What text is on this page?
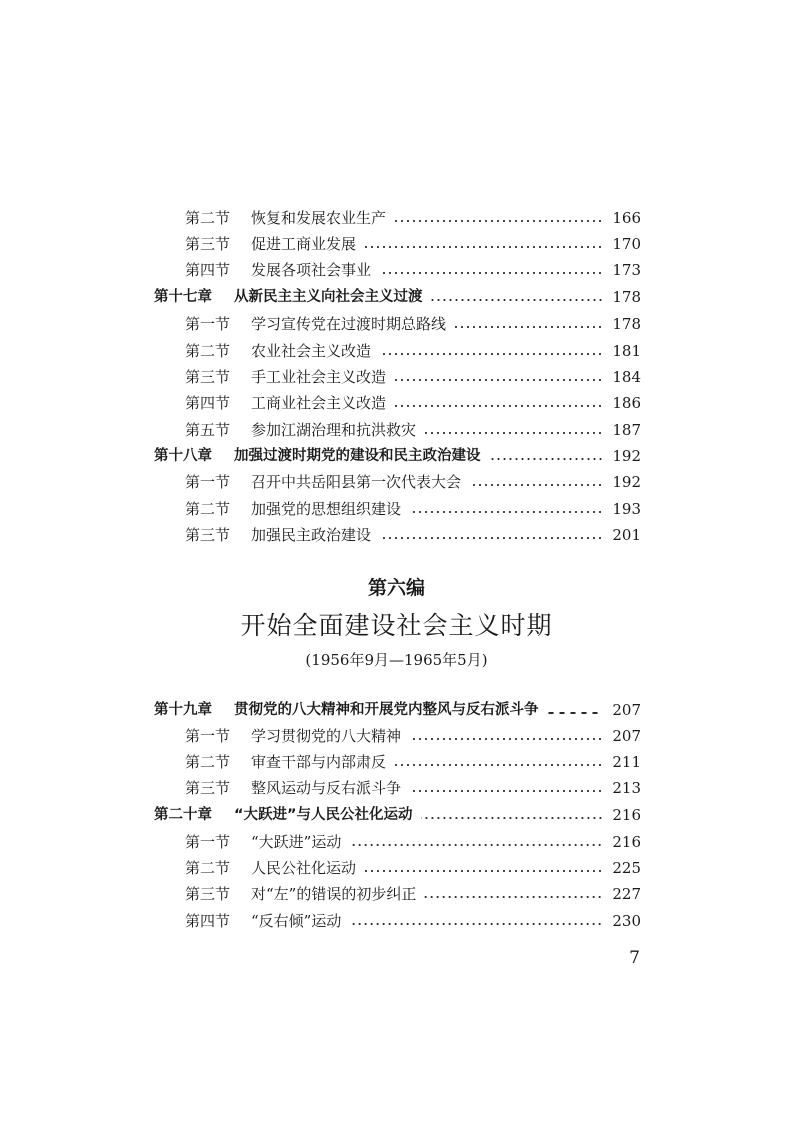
第二节	恢复和发展农业生产	166
第三节	促进工商业发展	170
第四节	发展各项社会事业	173
第十七章	从新民主主义向社会主义过渡	178
第一节	学习宣传党在过渡时期总路线	178
第二节	农业社会主义改造	181
第三节	手工业社会主义改造	184
第四节	工商业社会主义改造	186
第五节	参加江湖治理和抗洪救灾	187
第十八章	加强过渡时期党的建设和民主政治建设	192
第一节	召开中共岳阳县第一次代表大会	192
第二节	加强党的思想组织建设	193
第三节	加强民主政治建设	201
第六编
开始全面建设社会主义时期
(1956年9月—1965年5月)
第十九章	贯彻党的八大精神和开展党内整风与反右派斗争	207
第一节	学习贯彻党的八大精神	207
第二节	审查干部与内部肃反	211
第三节	整风运动与反右派斗争	213
第二十章	“大跃进”与人民公社化运动	216
第一节	“大跃进”运动	216
第二节	人民公社化运动	225
第三节	对“左”的错误的初步纠正	227
第四节	“反右倾”运动	230
7
